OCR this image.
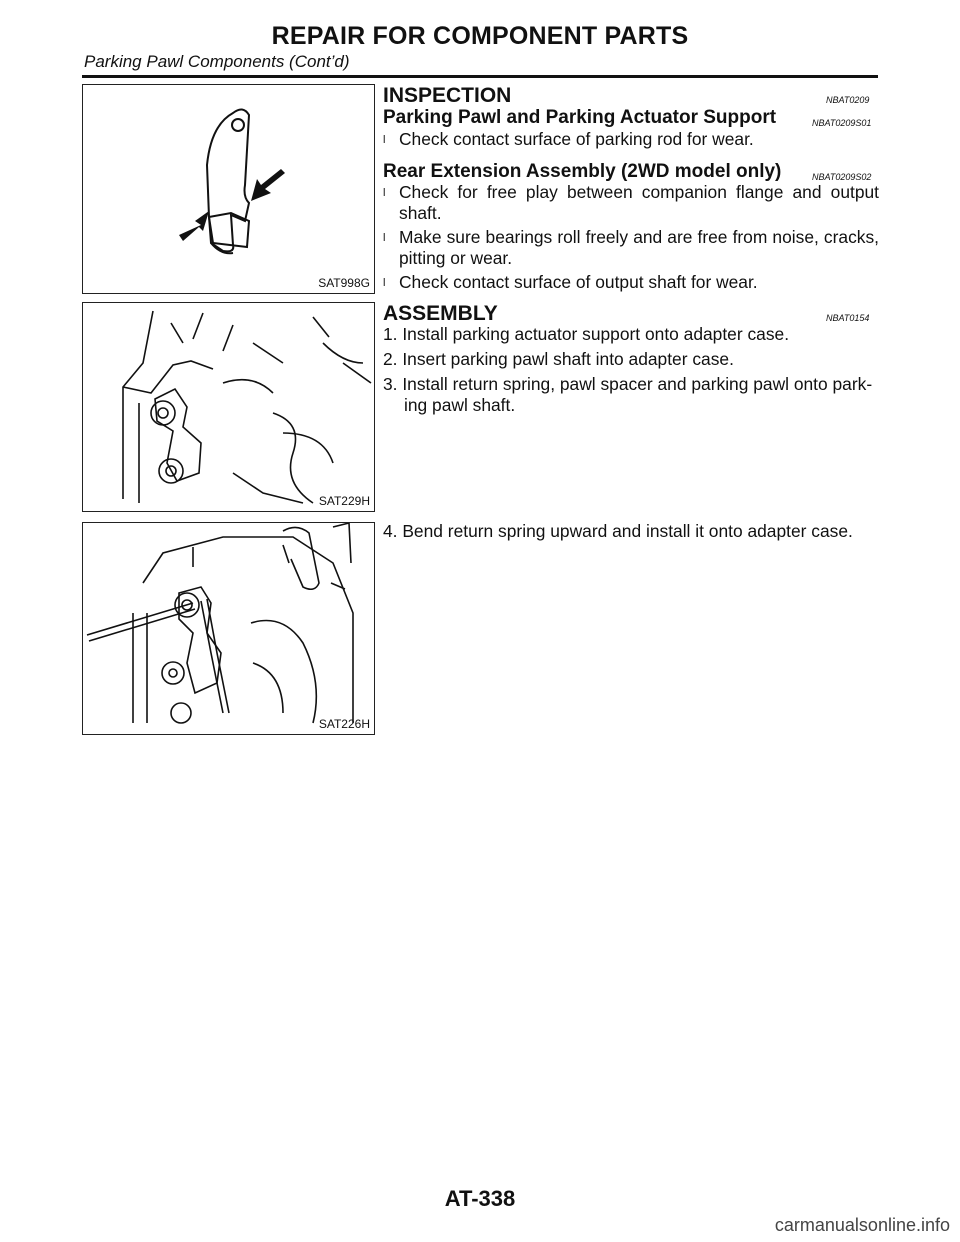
REPAIR FOR COMPONENT PARTS
Parking Pawl Components (Cont’d)
SAT998G
SAT229H
SAT226H
INSPECTION	NBAT0209
Parking Pawl and Parking Actuator Support	NBAT0209S01
l Check contact surface of parking rod for wear.
Rear Extension Assembly (2WD model only)	NBAT0209S02
l Check for free play between companion flange and output shaft.
l Make sure bearings roll freely and are free from noise, cracks, pitting or wear.
l Check contact surface of output shaft for wear.
ASSEMBLY	NBAT0154
1. Install parking actuator support onto adapter case.
2. Insert parking pawl shaft into adapter case.
3. Install return spring, pawl spacer and parking pawl onto park-
ing pawl shaft.
4. Bend return spring upward and install it onto adapter case.
AT-338
carmanualsonline.info
